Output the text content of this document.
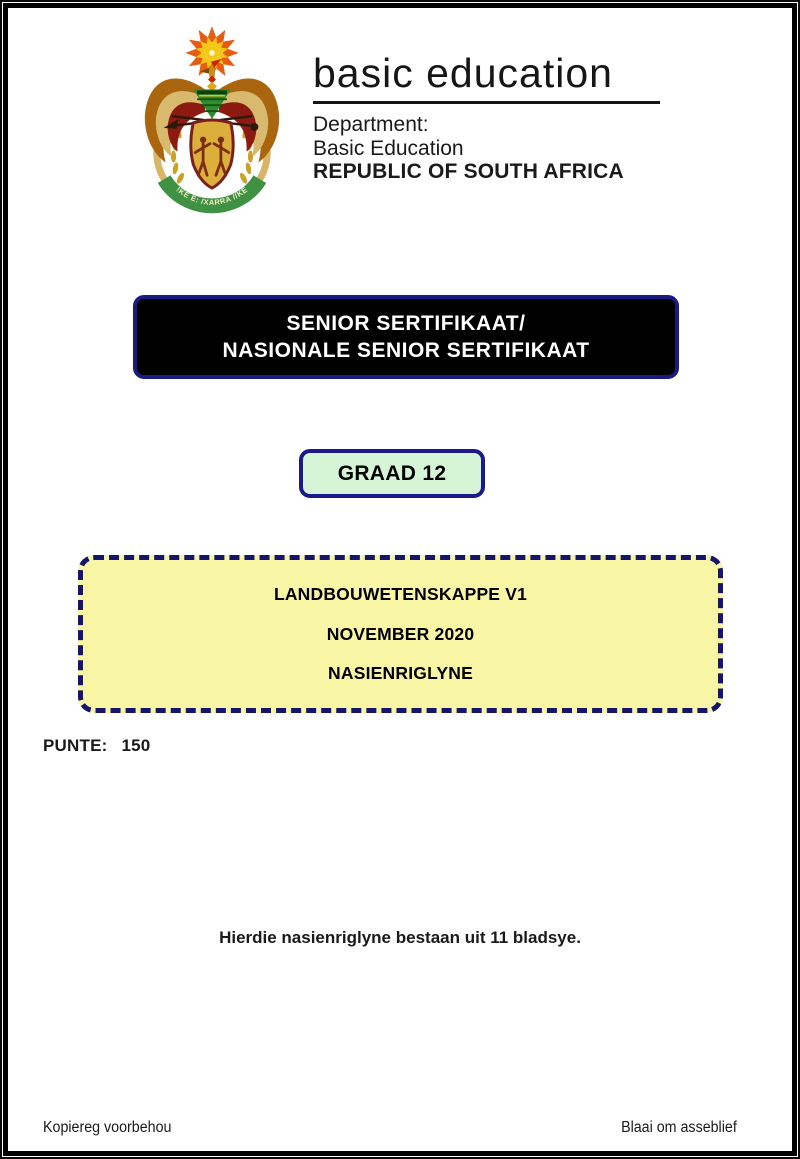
!KE E: /XARRA //KE
basic education
Department:
Basic Education
REPUBLIC OF SOUTH AFRICA
SENIOR SERTIFIKAAT/
NASIONALE SENIOR SERTIFIKAAT
GRAAD 12
LANDBOUWETENSKAPPE V1
NOVEMBER 2020
NASIENRIGLYNE
PUNTE: 150
Hierdie nasienriglyne bestaan uit 11 bladsye.
Kopiereg voorbehou	Blaai om asseblief
